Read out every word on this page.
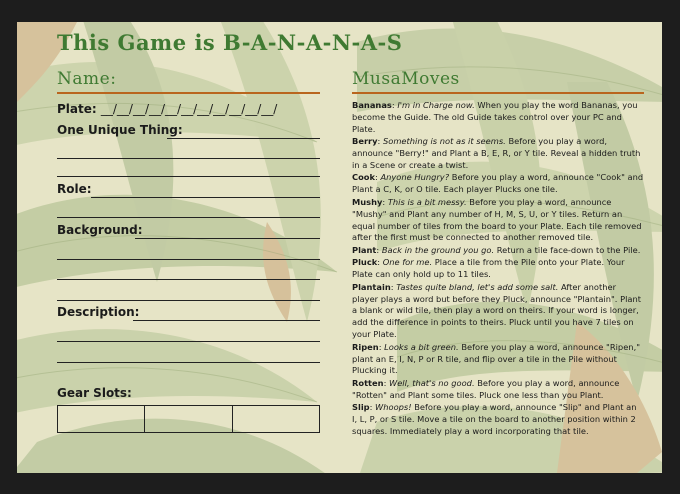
This Game is B-A-N-A-N-A-S
Name:	MusaMoves
Plate: __/__/__/__/__/__/__/__/__/__/__/
One Unique Thing:
Role:
Background:
Description:
Gear Slots:

Bananas: I'm in Charge now. When you play the word Bananas, you become the Guide. The old Guide takes control over your PC and Plate.

Berry: Something is not as it seems. Before you play a word, announce "Berry!" and Plant a B, E, R, or Y tile. Reveal a hidden truth in a Scene or create a twist.

Cook: Anyone Hungry? Before you play a word, announce "Cook" and Plant a C, K, or O tile. Each player Plucks one tile.

Mushy: This is a bit messy. Before you play a word, announce "Mushy" and Plant any number of H, M, S, U, or Y tiles. Return an equal number of tiles from the board to your Plate. Each tile removed after the first must be connected to another removed tile.

Plant: Back in the ground you go. Return a tile face-down to the Pile.

Pluck: One for me. Place a tile from the Pile onto your Plate. Your Plate can only hold up to 11 tiles.

Plantain: Tastes quite bland, let's add some salt. After another player plays a word but before they Pluck, announce "Plantain". Plant a blank or wild tile, then play a word on theirs. If your word is longer, add the difference in points to theirs. Pluck until you have 7 tiles on your Plate.

Ripen: Looks a bit green. Before you play a word, announce "Ripen," plant an E, I, N, P or R tile, and flip over a tile in the Pile without Plucking it.

Rotten: Well, that's no good. Before you play a word, announce "Rotten" and Plant some tiles. Pluck one less than you Plant.

Slip: Whoops! Before you play a word, announce "Slip" and Plant an I, L, P, or S tile. Move a tile on the board to another position within 2 squares. Immediately play a word incorporating that tile.
